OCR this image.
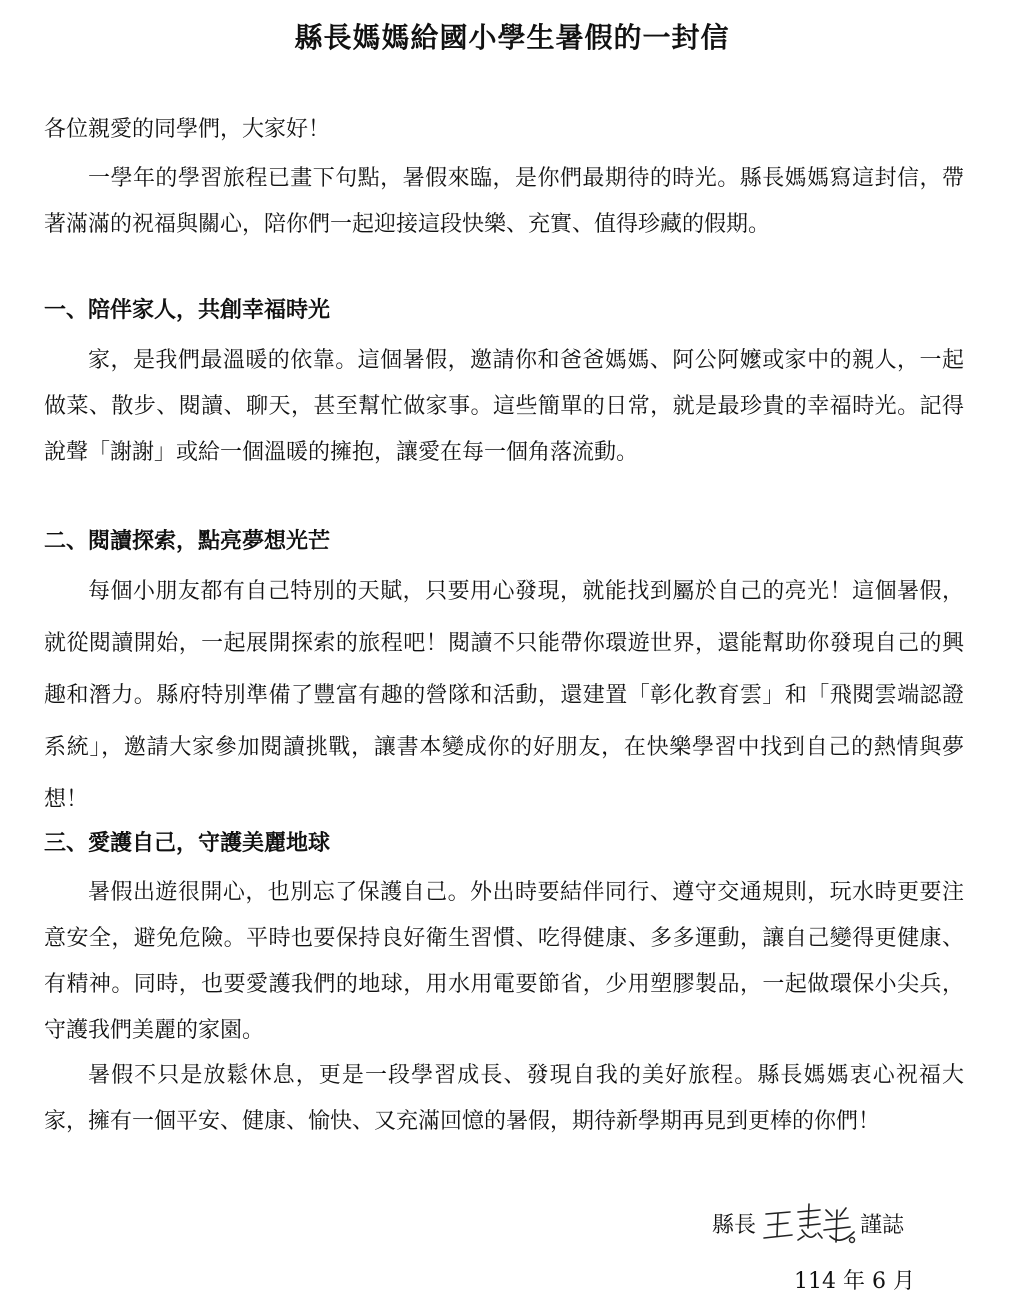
縣長媽媽給國小學生暑假的一封信
各位親愛的同學們，大家好！

一學年的學習旅程已畫下句點，暑假來臨，是你們最期待的時光。縣長媽媽寫這封信，帶著滿滿的祝福與關心，陪你們一起迎接這段快樂、充實、值得珍藏的假期。

一、陪伴家人，共創幸福時光

家，是我們最溫暖的依靠。這個暑假，邀請你和爸爸媽媽、阿公阿嬤或家中的親人，一起做菜、散步、閱讀、聊天，甚至幫忙做家事。這些簡單的日常，就是最珍貴的幸福時光。記得說聲「謝謝」或給一個溫暖的擁抱，讓愛在每一個角落流動。

二、閱讀探索，點亮夢想光芒

每個小朋友都有自己特別的天賦，只要用心發現，就能找到屬於自己的亮光！這個暑假，就從閱讀開始，一起展開探索的旅程吧！閱讀不只能帶你環遊世界，還能幫助你發現自己的興趣和潛力。縣府特別準備了豐富有趣的營隊和活動，還建置「彰化教育雲」和「飛閱雲端認證系統」，邀請大家參加閱讀挑戰，讓書本變成你的好朋友，在快樂學習中找到自己的熱情與夢想！

三、愛護自己，守護美麗地球

暑假出遊很開心，也別忘了保護自己。外出時要結伴同行、遵守交通規則，玩水時更要注意安全，避免危險。平時也要保持良好衛生習慣、吃得健康、多多運動，讓自己變得更健康、有精神。同時，也要愛護我們的地球，用水用電要節省，少用塑膠製品，一起做環保小尖兵，守護我們美麗的家園。

暑假不只是放鬆休息，更是一段學習成長、發現自我的美好旅程。縣長媽媽衷心祝福大家，擁有一個平安、健康、愉快、又充滿回憶的暑假，期待新學期再見到更棒的你們！

縣長	謹誌
114 年 6 月
